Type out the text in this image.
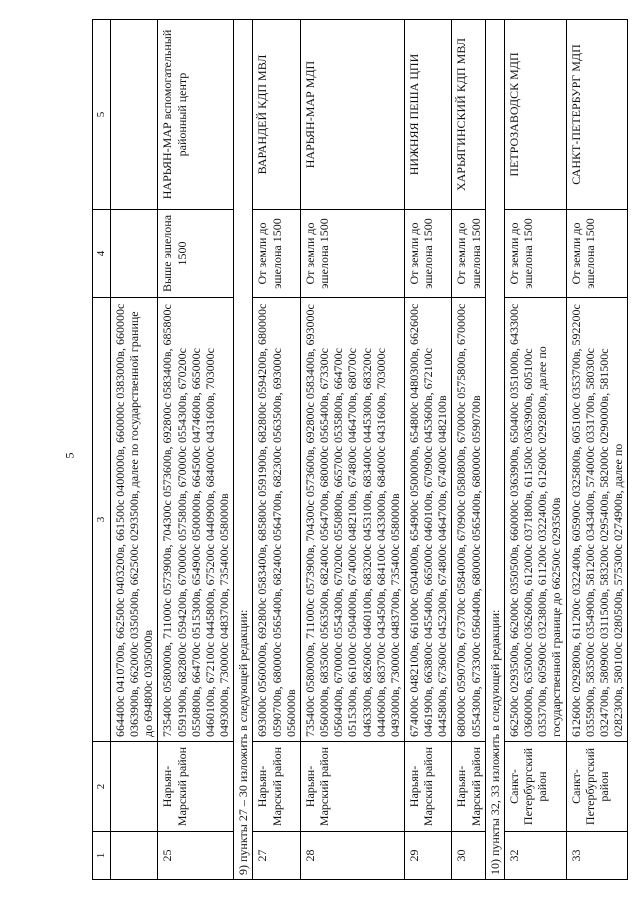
5
1	2	3	4	5
		664400с 0410700в, 662500с 0403200в, 661500с 0400000в, 660000с 0383000в, 660000с 0363900в, 662000с 0350500в, 662500с 0293500в, далее по государственной границе до 694800с 0305000в		
25	Нарьян-Марский район	735400с 0580000в, 711000с 0573900в, 704300с 0573600в, 692800с 0583400в, 685800с 0591900в, 682800с 0594200в, 670000с 0575800в, 670000с 0554300в, 670200с 0550800в, 664700с 0515300в, 654900с 0500000в, 664500с 0474600в, 665000с 0460100в, 672100с 0445800в, 675200с 0440900в, 684000с 0431600в, 703000с 0493000в, 730000с 0483700в, 735400с 0580000в	Выше эшелона 1500	НАРЬЯН-МАР вспомогательный районный центр
9) пункты 27 – 30 изложить в следующей редакции:				
27	Нарьян-Марский район	693000с 0560000в, 692800с 0583400в, 685800с 0591900в, 682800с 0594200в, 680000с 0590700в, 680000с 0565400в, 682400с 0564700в, 682300с 0563500в, 693000с 0560000в	От земли до эшелона 1500	ВАРАНДЕЙ КДП МВЛ
28	Нарьян-Марский район	735400с 0580000в, 711000с 0573900в, 704300с 0573600в, 692800с 0583400в, 693000с 0560000в, 683500с 0563500в, 682400с 0564700в, 680000с 0565400в, 673300с 0560400в, 670000с 0554300в, 670200с 0550800в, 665700с 0535800в, 664700с 0515300в, 661000с 0504000в, 674000с 0482100в, 674800с 0464700в, 680700с 0463300в, 682600с 0460100в, 683200с 0453100в, 683400с 0445300в, 683200с 0440600в, 683700с 0434500в, 684100с 0433000в, 684000с 0431600в, 703000с 0493000в, 730000с 0483700в, 735400с 0580000в	От земли до эшелона 1500	НАРЬЯН-МАР МДП
29	Нарьян-Марский район	674000с 0482100в, 661000с 0504000в, 654900с 0500000в, 654800с 0480300в, 662600с 0461900в, 663800с 0455400в, 665000с 0460100в, 670900с 0453600в, 672100с 0445800в, 673600с 0452300в, 674800с 0464700в, 674000с 0482100в	От земли до эшелона 1500	НИЖНЯЯ ПЕША ЦПИ
30	Нарьян-Марский район	680000с 0590700в, 673700с 0584000в, 670900с 0580800в, 670000с 0575800в, 670000с 0554300в, 673300с 0560400в, 680000с 0565400в, 680000с 0590700в	От земли до эшелона 1500	ХАРЬЯГИНСКИЙ КДП МВЛ
10) пункты 32, 33 изложить в следующей редакции:				
32	Санкт-Петербургский район	662500с 0293500в, 662000с 0350500в, 660000с 0363900в, 650400с 0351000в, 643300с 0360000в, 635000с 0362600в, 612000с 0371800в, 611500с 0363900в, 605100с 0353700в, 605900с 0323800в, 611200с 0322400в, 612600с 0292800в, далее по государственной границе до 662500с 0293500в	От земли до эшелона 1500	ПЕТРОЗАВОДСК МДП
33	Санкт-Петербургский район	612600с 0292800в, 611200с 0322400в, 605900с 0325800в, 605100с 0353700в, 592200с 0355900в, 583500с 0354900в, 581200с 0343400в, 574000с 0331700в, 580300с 0324700в, 580900с 0311500в, 583200с 0295400в, 582000с 0290000в, 581500с 0282300в, 580100с 0280500в, 575300с 0274900в, далее по	От земли до эшелона 1500	САНКТ-ПЕТЕРБУРГ МДП
